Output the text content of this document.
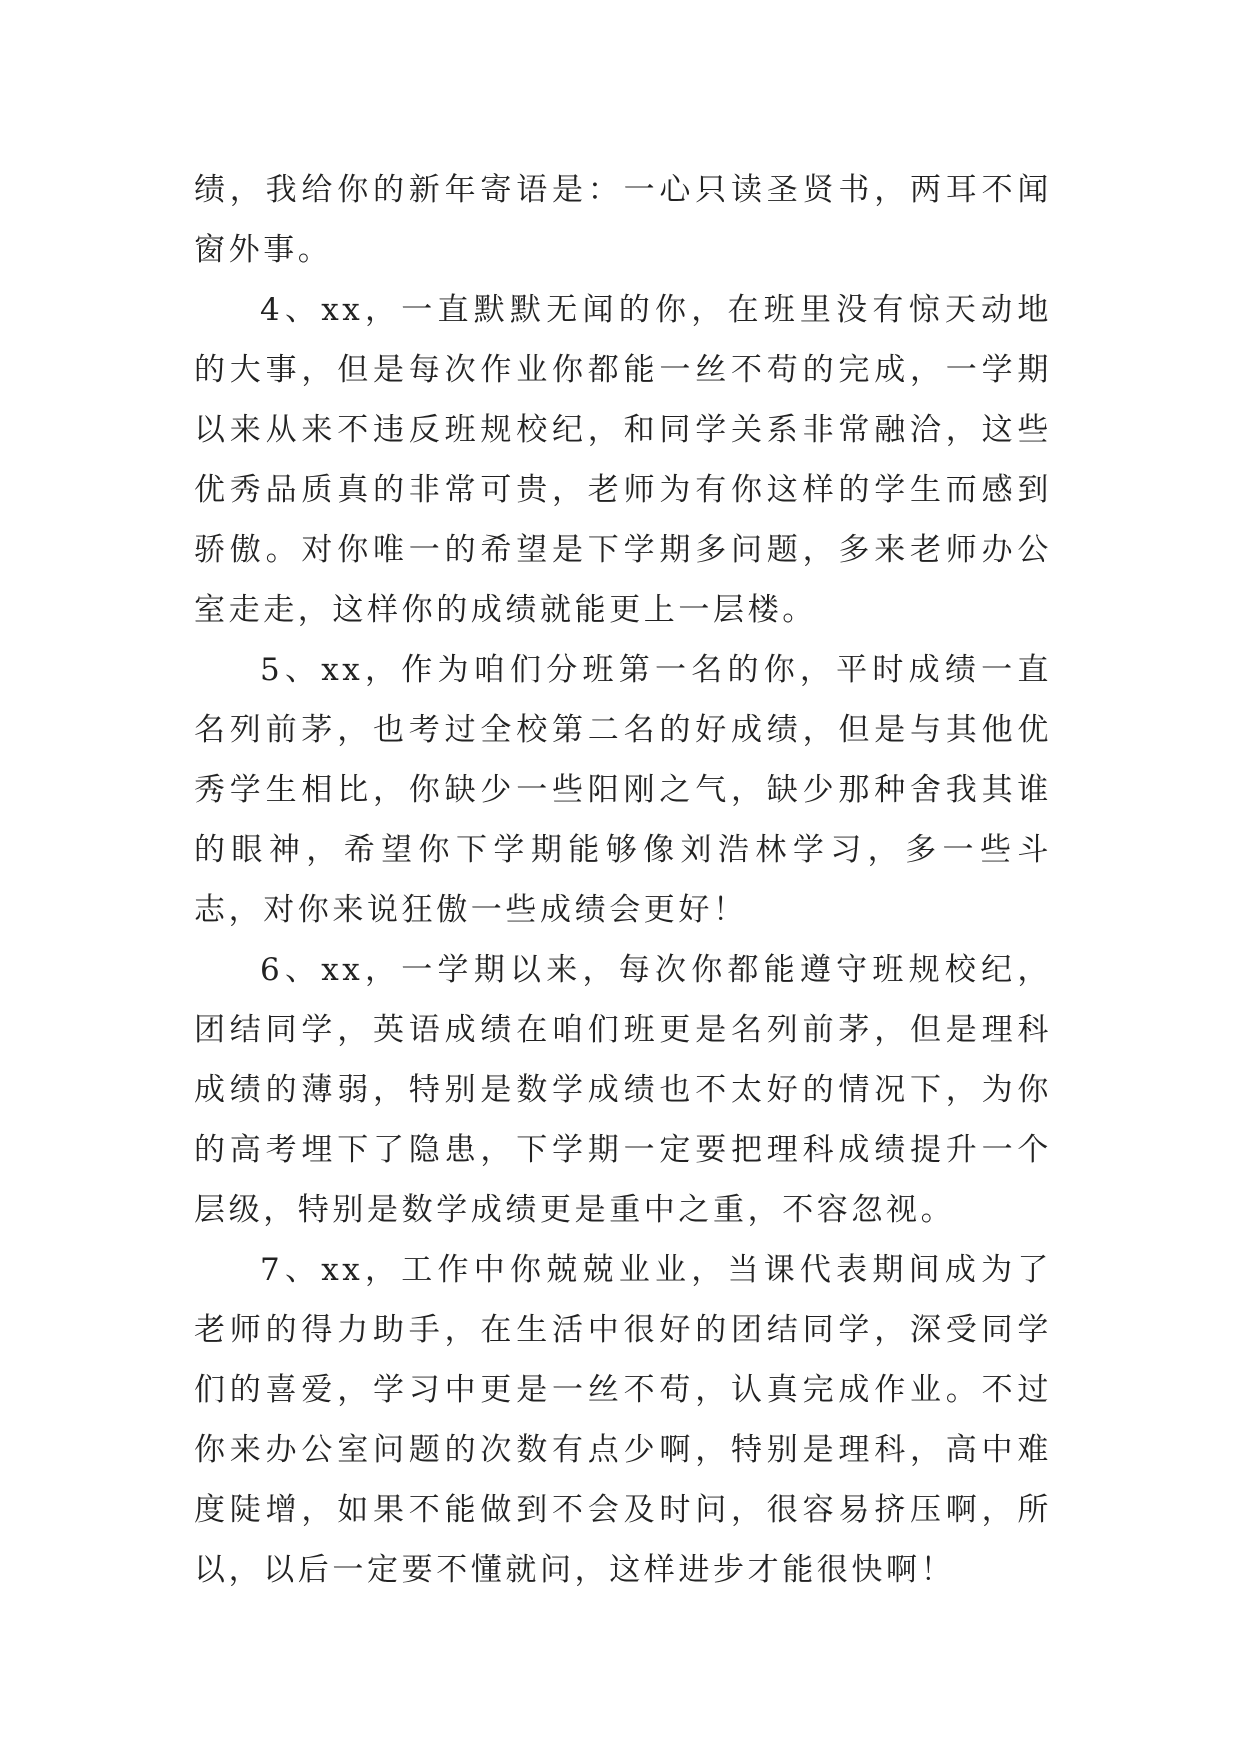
绩，我给你的新年寄语是：一心只读圣贤书，两耳不闻窗外事。

4、xx，一直默默无闻的你，在班里没有惊天动地的大事，但是每次作业你都能一丝不苟的完成，一学期以来从来不违反班规校纪，和同学关系非常融洽，这些优秀品质真的非常可贵，老师为有你这样的学生而感到骄傲。对你唯一的希望是下学期多问题，多来老师办公室走走，这样你的成绩就能更上一层楼。

5、xx，作为咱们分班第一名的你，平时成绩一直名列前茅，也考过全校第二名的好成绩，但是与其他优秀学生相比，你缺少一些阳刚之气，缺少那种舍我其谁的眼神，希望你下学期能够像刘浩林学习，多一些斗志，对你来说狂傲一些成绩会更好！

6、xx，一学期以来，每次你都能遵守班规校纪，团结同学，英语成绩在咱们班更是名列前茅，但是理科成绩的薄弱，特别是数学成绩也不太好的情况下，为你的高考埋下了隐患，下学期一定要把理科成绩提升一个层级，特别是数学成绩更是重中之重，不容忽视。

7、xx，工作中你兢兢业业，当课代表期间成为了老师的得力助手，在生活中很好的团结同学，深受同学们的喜爱，学习中更是一丝不苟，认真完成作业。不过你来办公室问题的次数有点少啊，特别是理科，高中难度陡增，如果不能做到不会及时问，很容易挤压啊，所以，以后一定要不懂就问，这样进步才能很快啊！
